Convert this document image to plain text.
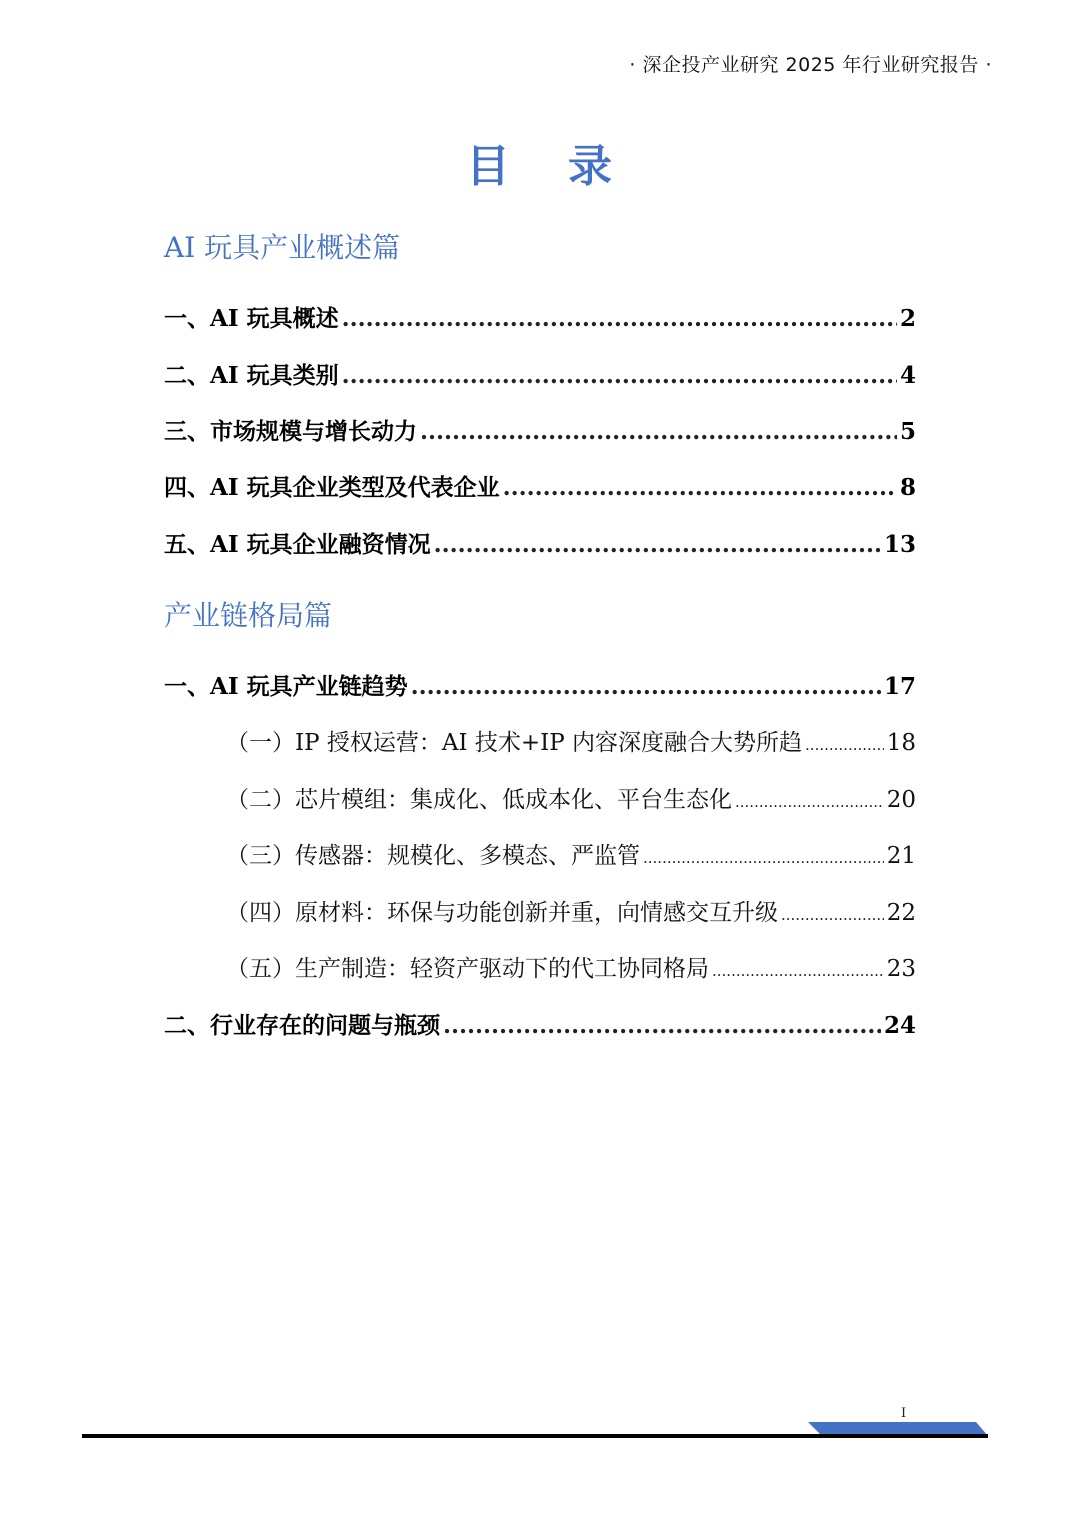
· 深企投产业研究 2025 年行业研究报告 ·
目 录
AI 玩具产业概述篇
一、AI 玩具概述 .....	2
二、AI 玩具类别 .....	4
三、市场规模与增长动力 .....	5
四、AI 玩具企业类型及代表企业 .....	8
五、AI 玩具企业融资情况 .....	13
产业链格局篇
一、AI 玩具产业链趋势 .....	17
（一）IP 授权运营：AI 技术+IP 内容深度融合大势所趋 .....	18
（二）芯片模组：集成化、低成本化、平台生态化 .....	20
（三）传感器：规模化、多模态、严监管 .....	21
（四）原材料：环保与功能创新并重，向情感交互升级 .....	22
（五）生产制造：轻资产驱动下的代工协同格局 .....	23
二、行业存在的问题与瓶颈 .....	24
I
